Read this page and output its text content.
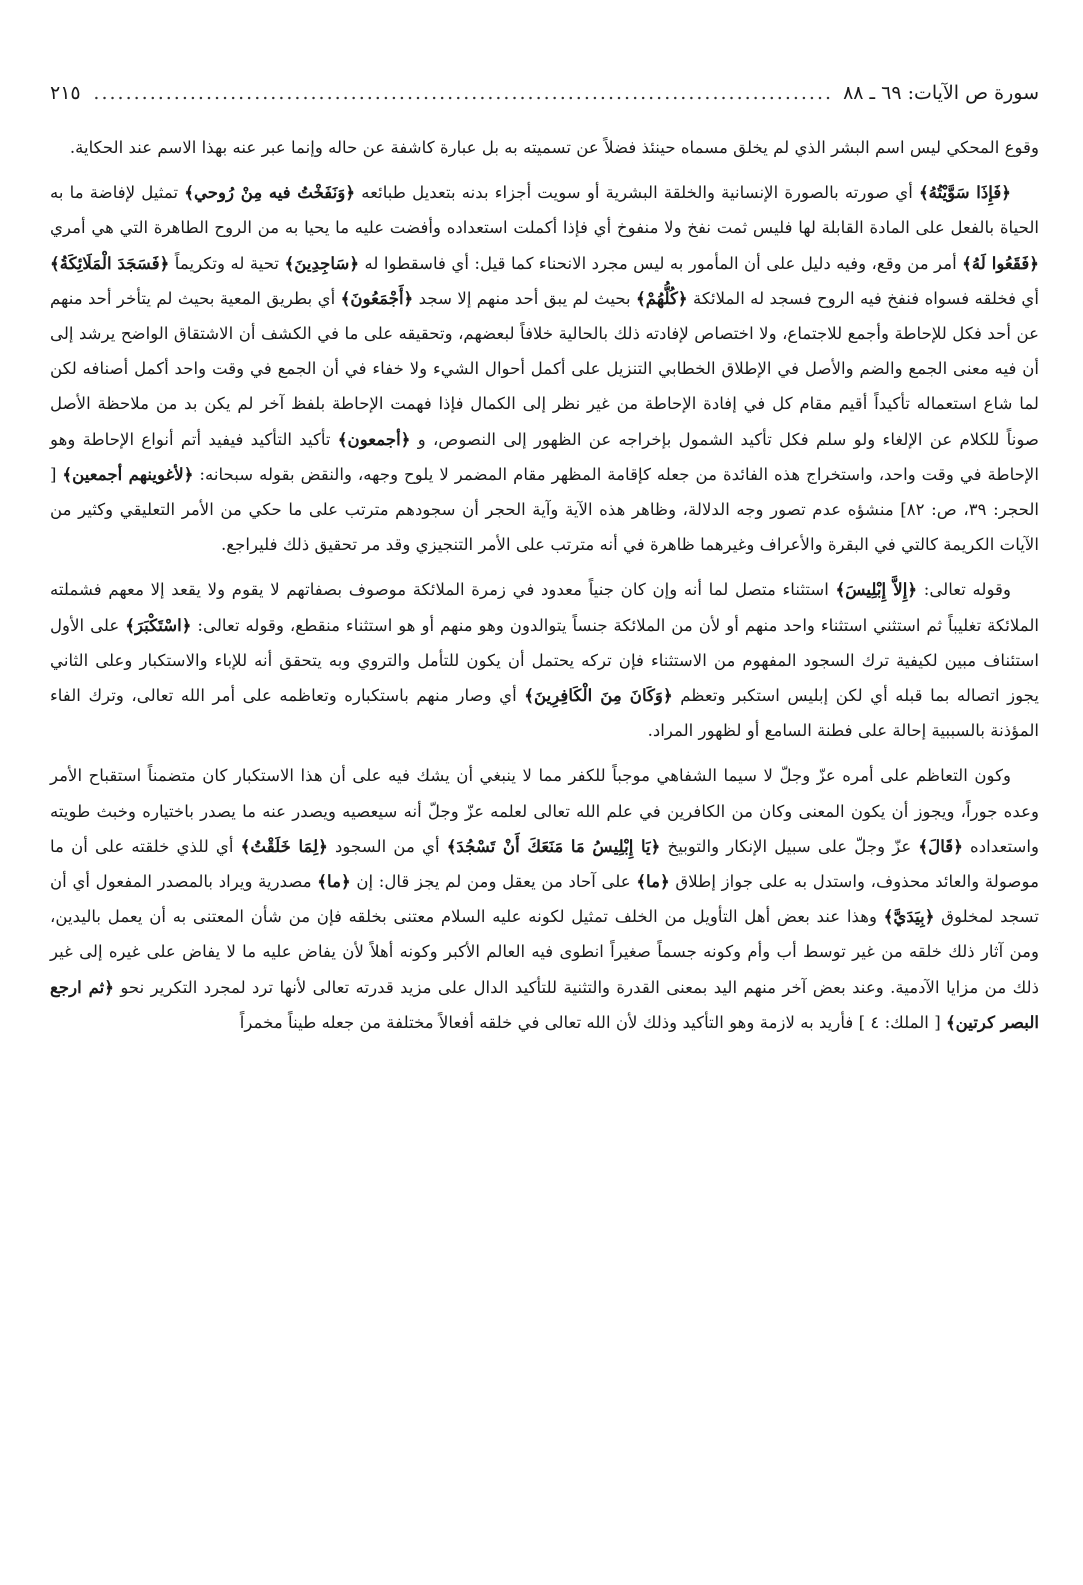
سورة ص الآيات: ٦٩ ـ ٨٨
.....
٢١٥

وقوع المحكي ليس اسم البشر الذي لم يخلق مسماه حينئذ فضلاً عن تسميته به بل عبارة كاشفة عن حاله وإنما عبر عنه بهذا الاسم عند الحكاية.

﴿فَإِذَا سَوَّيْتُهُ﴾ أي صورته بالصورة الإنسانية والخلقة البشرية أو سويت أجزاء بدنه بتعديل طبائعه ﴿وَنَفَخْتُ فيه مِنْ رُوحي﴾ تمثيل لإفاضة ما به الحياة بالفعل على المادة القابلة لها فليس ثمت نفخ ولا منفوخ أي فإذا أكملت استعداده وأفضت عليه ما يحيا به من الروح الطاهرة التي هي أمري ﴿فَقَعُوا لَهُ﴾ أمر من وقع، وفيه دليل على أن المأمور به ليس مجرد الانحناء كما قيل: أي فاسقطوا له ﴿سَاجِدِينَ﴾ تحية له وتكريماً ﴿فَسَجَدَ الْمَلَائِكَةُ﴾ أي فخلقه فسواه فنفخ فيه الروح فسجد له الملائكة ﴿كُلُّهُمْ﴾ بحيث لم يبق أحد منهم إلا سجد ﴿أَجْمَعُونَ﴾ أي بطريق المعية بحيث لم يتأخر أحد منهم عن أحد فكل للإحاطة وأجمع للاجتماع، ولا اختصاص لإفادته ذلك بالحالية خلافاً لبعضهم، وتحقيقه على ما في الكشف أن الاشتقاق الواضح يرشد إلى أن فيه معنى الجمع والضم والأصل في الإطلاق الخطابي التنزيل على أكمل أحوال الشيء ولا خفاء في أن الجمع في وقت واحد أكمل أصنافه لكن لما شاع استعماله تأكيداً أقيم مقام كل في إفادة الإحاطة من غير نظر إلى الكمال فإذا فهمت الإحاطة بلفظ آخر لم يكن بد من ملاحظة الأصل صوناً للكلام عن الإلغاء ولو سلم فكل تأكيد الشمول بإخراجه عن الظهور إلى النصوص، و ﴿أجمعون﴾ تأكيد التأكيد فيفيد أتم أنواع الإحاطة وهو الإحاطة في وقت واحد، واستخراج هذه الفائدة من جعله كإقامة المظهر مقام المضمر لا يلوح وجهه، والنقض بقوله سبحانه: ﴿لأغوينهم أجمعين﴾ [ الحجر: ٣٩، ص: ٨٢] منشؤه عدم تصور وجه الدلالة، وظاهر هذه الآية وآية الحجر أن سجودهم مترتب على ما حكي من الأمر التعليقي وكثير من الآيات الكريمة كالتي في البقرة والأعراف وغيرهما ظاهرة في أنه مترتب على الأمر التنجيزي وقد مر تحقيق ذلك فليراجع.

وقوله تعالى: ﴿إِلاَّ إِبْلِيسَ﴾ استثناء متصل لما أنه وإن كان جنياً معدود في زمرة الملائكة موصوف بصفاتهم لا يقوم ولا يقعد إلا معهم فشملته الملائكة تغليباً ثم استثني استثناء واحد منهم أو لأن من الملائكة جنساً يتوالدون وهو منهم أو هو استثناء منقطع، وقوله تعالى: ﴿اسْتَكْبَرَ﴾ على الأول استئناف مبين لكيفية ترك السجود المفهوم من الاستثناء فإن تركه يحتمل أن يكون للتأمل والتروي وبه يتحقق أنه للإباء والاستكبار وعلى الثاني يجوز اتصاله بما قبله أي لكن إبليس استكبر وتعظم ﴿وَكَانَ مِنَ الْكَافِرِينَ﴾ أي وصار منهم باستكباره وتعاظمه على أمر الله تعالى، وترك الفاء المؤذنة بالسببية إحالة على فطنة السامع أو لظهور المراد.

وكون التعاظم على أمره عزّ وجلّ لا سيما الشفاهي موجباً للكفر مما لا ينبغي أن يشك فيه على أن هذا الاستكبار كان متضمناً استقباح الأمر وعده جوراً، ويجوز أن يكون المعنى وكان من الكافرين في علم الله تعالى لعلمه عزّ وجلّ أنه سيعصيه ويصدر عنه ما يصدر باختياره وخبث طويته واستعداده ﴿قَالَ﴾ عزّ وجلّ على سبيل الإنكار والتوبيخ ﴿يَا إِبْلِيسُ مَا مَنَعَكَ أَنْ تَسْجُدَ﴾ أي من السجود ﴿لِمَا خَلَقْتُ﴾ أي للذي خلقته على أن ما موصولة والعائد محذوف، واستدل به على جواز إطلاق ﴿ما﴾ على آحاد من يعقل ومن لم يجز قال: إن ﴿ما﴾ مصدرية ويراد بالمصدر المفعول أي أن تسجد لمخلوق ﴿بِيَدَيَّ﴾ وهذا عند بعض أهل التأويل من الخلف تمثيل لكونه عليه السلام معتنى بخلقه فإن من شأن المعتنى به أن يعمل باليدين، ومن آثار ذلك خلقه من غير توسط أب وأم وكونه جسماً صغيراً انطوى فيه العالم الأكبر وكونه أهلاً لأن يفاض عليه ما لا يفاض على غيره إلى غير ذلك من مزايا الآدمية. وعند بعض آخر منهم اليد بمعنى القدرة والتثنية للتأكيد الدال على مزيد قدرته تعالى لأنها ترد لمجرد التكرير نحو ﴿ثم ارجع البصر كرتين﴾ [ الملك: ٤ ] فأريد به لازمة وهو التأكيد وذلك لأن الله تعالى في خلقه أفعالاً مختلفة من جعله طيناً مخمراً
